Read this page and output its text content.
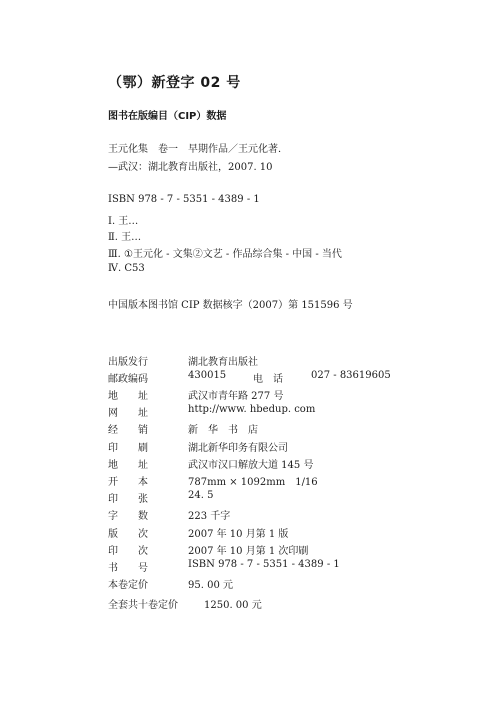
（鄂）新登字 02 号
图书在版编目（CIP）数据
王元化集　卷一　早期作品／王元化著．
—武汉：湖北教育出版社，2007. 10
ISBN 978 - 7 - 5351 - 4389 - 1
Ⅰ. 王…
Ⅱ. 王…
Ⅲ. ①王元化 - 文集②文艺 - 作品综合集 - 中国 - 当代
Ⅳ. C53
中国版本图书馆 CIP 数据核字（2007）第 151596 号
出版发行	湖北教育出版社
邮政编码	430015	电话 027 - 83619605
地　　址	武汉市青年路 277 号
网　　址	http://www. hbedup. com
经　　销	新　华　书　店
印　　刷	湖北新华印务有限公司
地　　址	武汉市汉口解放大道 145 号
开　　本	787mm × 1092mm　1/16
印　　张	24. 5
字　　数	223 千字
版　　次	2007 年 10 月第 1 版
印　　次	2007 年 10 月第 1 次印刷
书　　号	ISBN 978 - 7 - 5351 - 4389 - 1
本卷定价	95. 00 元
全套共十卷定价	1250. 00 元
